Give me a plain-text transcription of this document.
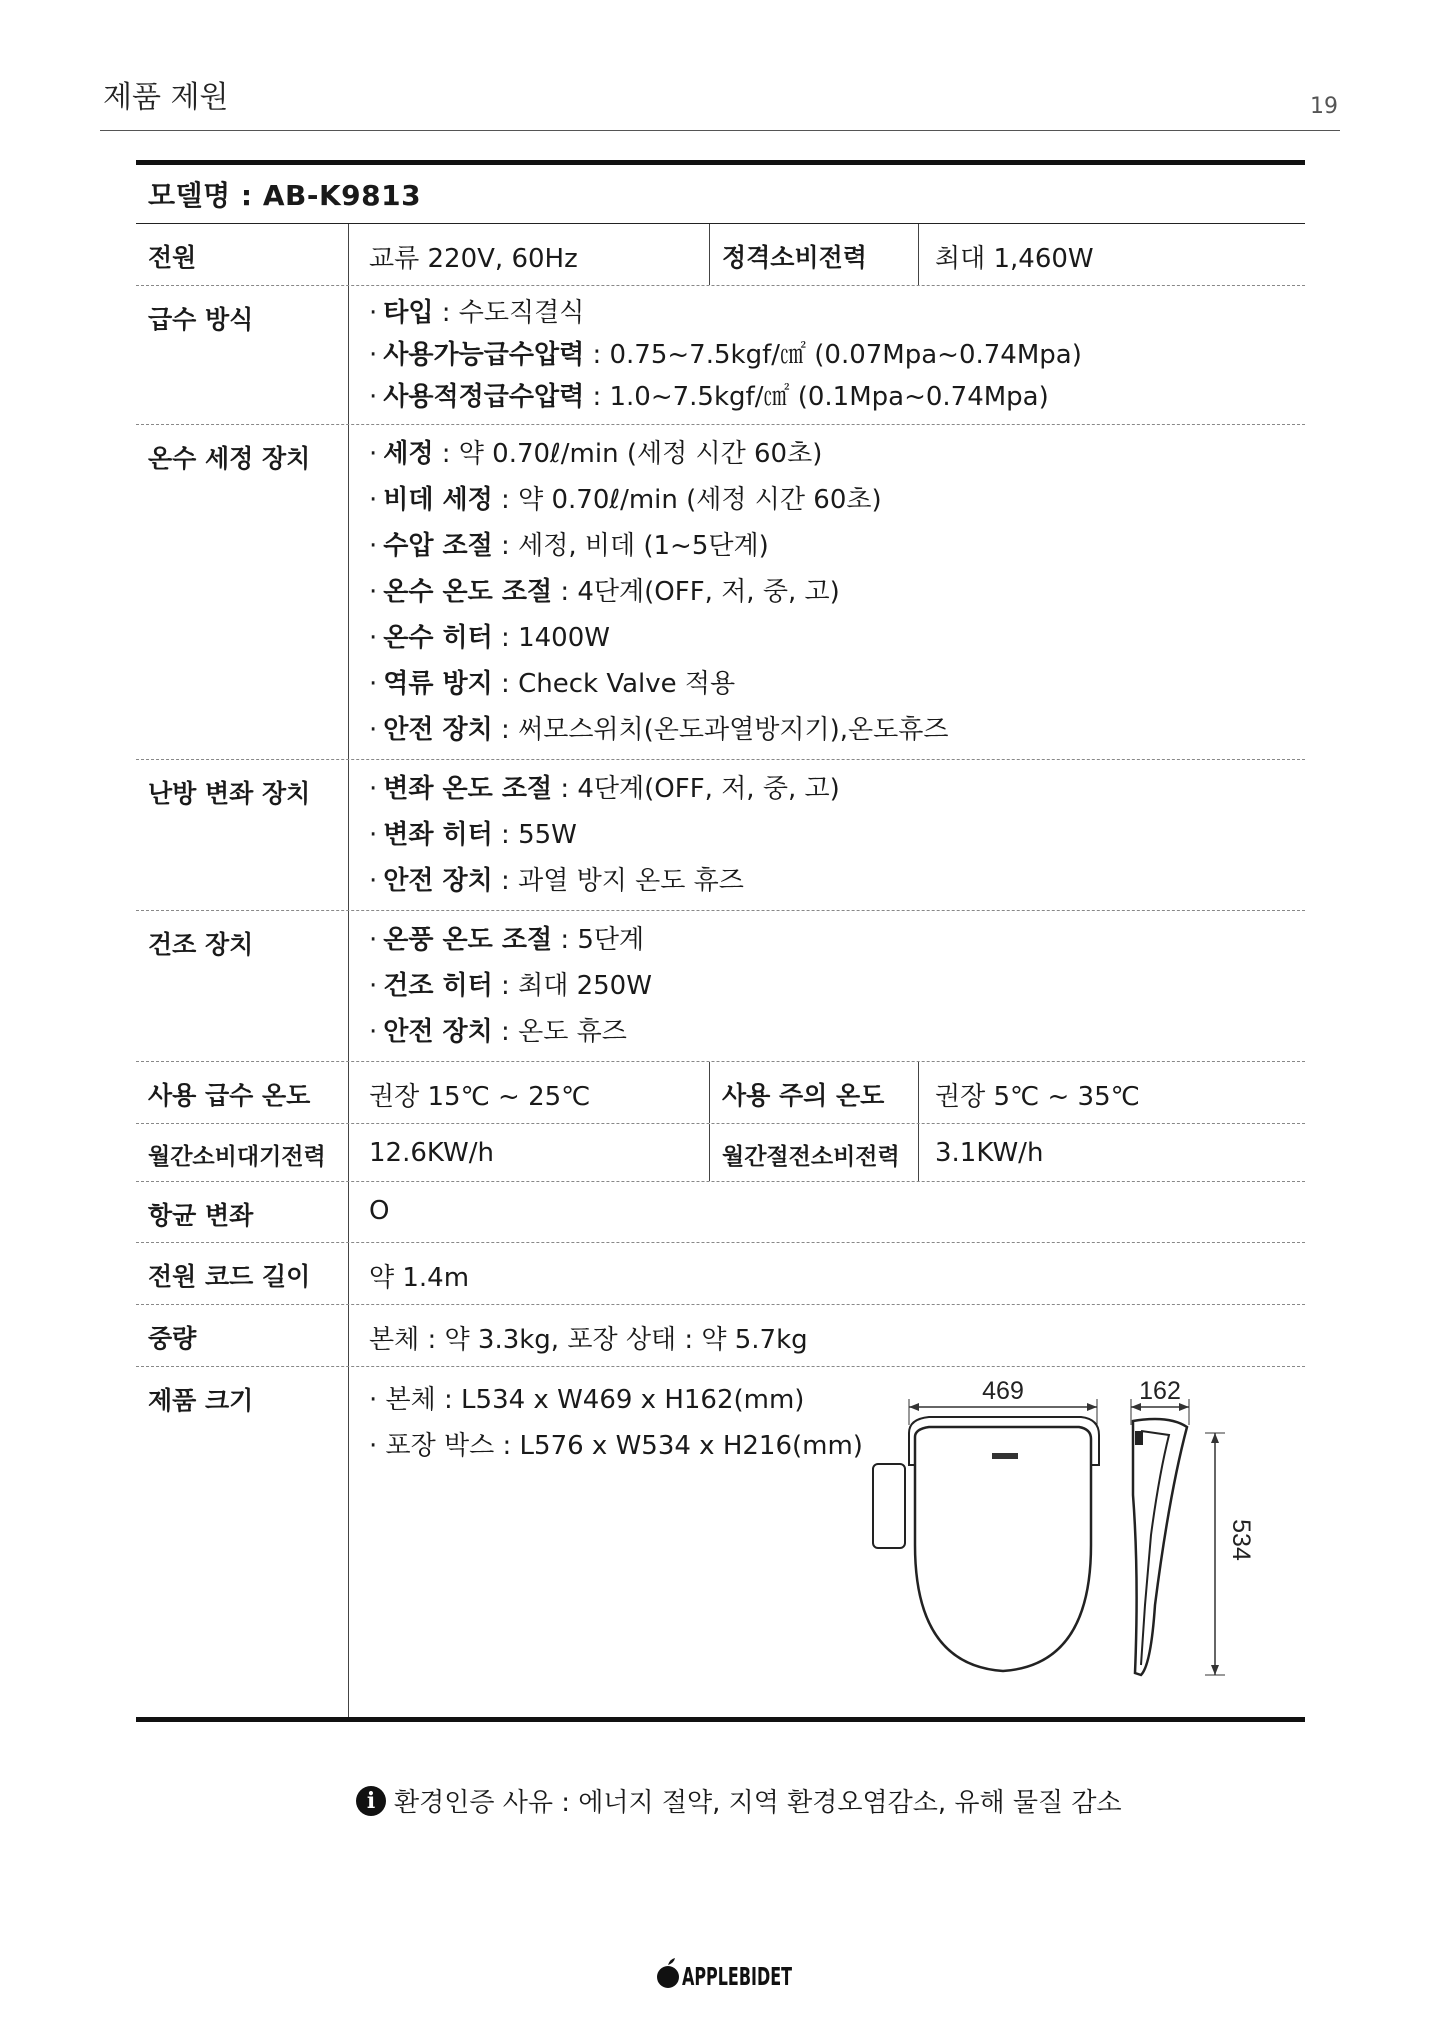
제품 제원	19
모델명 : AB-K9813
전원	교류 220V, 60Hz	정격소비전력	최대 1,460W
급수 방식	· 타입 : 수도직결식
· 사용가능급수압력 : 0.75~7.5kgf/㎠ (0.07Mpa~0.74Mpa)
· 사용적정급수압력 : 1.0~7.5kgf/㎠ (0.1Mpa~0.74Mpa)
온수 세정 장치	· 세정 : 약 0.70ℓ/min (세정 시간 60초)
· 비데 세정 : 약 0.70ℓ/min (세정 시간 60초)
· 수압 조절 : 세정, 비데 (1~5단계)
· 온수 온도 조절 : 4단계(OFF, 저, 중, 고)
· 온수 히터 : 1400W
· 역류 방지 : Check Valve 적용
· 안전 장치 : 써모스위치(온도과열방지기),온도휴즈
난방 변좌 장치	· 변좌 온도 조절 : 4단계(OFF, 저, 중, 고)
· 변좌 히터 : 55W
· 안전 장치 : 과열 방지 온도 휴즈
건조 장치	· 온풍 온도 조절 : 5단계
· 건조 히터 : 최대 250W
· 안전 장치 : 온도 휴즈
사용 급수 온도	권장 15℃ ~ 25℃	사용 주의 온도	권장 5℃ ~ 35℃
월간소비대기전력	12.6KW/h	월간절전소비전력	3.1KW/h
항균 변좌	O
전원 코드 길이	약 1.4m
중량	본체 : 약 3.3kg, 포장 상태 : 약 5.7kg
제품 크기	· 본체 : L534 x W469 x H162(mm)
· 포장 박스 : L576 x W534 x H216(mm)
469	162
534
i 환경인증 사유 : 에너지 절약, 지역 환경오염감소, 유해 물질 감소
APPLEBIDET
